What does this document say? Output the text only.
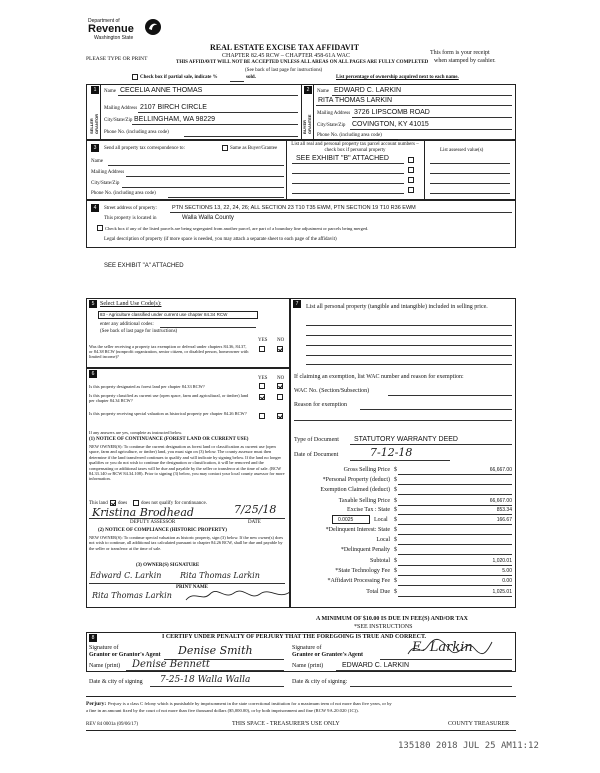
Department of
Revenue
Washington State
REAL ESTATE EXCISE TAX AFFIDAVIT
PLEASE TYPE OR PRINT	CHAPTER 82.45 RCW – CHAPTER 458-61A WAC
THIS AFFIDAVIT WILL NOT BE ACCEPTED UNLESS ALL AREAS ON ALL PAGES ARE FULLY COMPLETED
This form is your receipt
when stamped by cashier.
(See back of last page for instructions)
Check box if partial sale, indicate %	sold.	List percentage of ownership acquired next to each name.
1
SELLER GRANTOR
Name CECELIA ANNE THOMAS
Mailing Address 2107 BIRCH CIRCLE
City/State/Zip BELLINGHAM, WA 98229
Phone No. (including area code)
2
BUYER GRANTEE
Name EDWARD C. LARKIN
RITA THOMAS LARKIN
Mailing Address 3726 LIPSCOMB ROAD
City/State/Zip COVINGTON, KY 41015
Phone No. (including area code)
3	Send all property tax correspondence to:	Same as Buyer/Grantee
Name
Mailing Address
City/State/Zip
Phone No. (including area code)
List all real and personal property tax parcel account numbers – check box if personal property	List assessed value(s)
SEE EXHIBIT "B" ATTACHED
4	Street address of property:	PTN SECTIONS 13, 22, 24, 26; ALL SECTION 23 T10 T35 EWM, PTN SECTION 19 T10 R36 EWM
This property is located in	Walla Walla County
Check box if any of the listed parcels are being segregated from another parcel, are part of a boundary line adjustment or parcels being merged.
Legal description of property (if more space is needed, you may attach a separate sheet to each page of the affidavit)
SEE EXHIBIT "A" ATTACHED
5 Select Land Use Code(s):
83 - Agriculture classified under current use chapter 84.34 RCW
enter any additional codes:
(See back of last page for instructions)
YES NO
Was the seller receiving a property tax exemption or deferral under chapters 84.36, 84.37, or 84.38 RCW (nonprofit organization, senior citizen, or disabled person, homeowner with limited income)?
6
YES NO
Is this property designated as forest land per chapter 84.33 RCW?
Is this property classified as current use (open space, farm and agricultural, or timber) land per chapter 84.34 RCW?
Is this property receiving special valuation as historical property per chapter 84.26 RCW?
If any answers are yes, complete as instructed below.
(1) NOTICE OF CONTINUANCE (FOREST LAND OR CURRENT USE)
NEW OWNER(S): To continue the current designation as forest land or classification as current use (open space, farm and agriculture, or timber) land, you must sign on (3) below. The county assessor must then determine if the land transferred continues to qualify and will indicate by signing below. If the land no longer qualifies or you do not wish to continue the designation or classification, it will be removed and the compensating or additional taxes will be due and payable by the seller or transferor at the time of sale. (RCW 84.33.140 or RCW 84.34.108). Prior to signing (3) below, you may contact your local county assessor for more information.
This land does	does not qualify for continuance.
Kristina Brodhead	7/25/18
DEPUTY ASSESSOR	DATE
(2) NOTICE OF COMPLIANCE (HISTORIC PROPERTY)
NEW OWNER(S): To continue special valuation as historic property, sign (3) below. If the new owner(s) does not wish to continue, all additional tax calculated pursuant to chapter 84.26 RCW, shall be due and payable by the seller or transferor at the time of sale.
(3) OWNER(S) SIGNATURE
Edward C. Larkin Rita Thomas Larkin
PRINT NAME
Rita Thomas Larkin
7	List all personal property (tangible and intangible) included in selling price.
If claiming an exemption, list WAC number and reason for exemption:
WAC No. (Section/Subsection)
Reason for exemption
Type of Document STATUTORY WARRANTY DEED
Date of Document	7-12-18
Gross Selling Price $	66,667.00
*Personal Property (deduct) $
Exemption Claimed (deduct) $
Taxable Selling Price $	66,667.00
Excise Tax : State $	853.34
0.0025	Local $	166.67
*Delinquent Interest: State $
Local $
*Delinquent Penalty $
Subtotal $	1,020.01
*State Technology Fee $	5.00
*Affidavit Processing Fee $	0.00
Total Due $	1,025.01
A MINIMUM OF $10.00 IS DUE IN FEE(S) AND/OR TAX
*SEE INSTRUCTIONS
8	I CERTIFY UNDER PENALTY OF PERJURY THAT THE FOREGOING IS TRUE AND CORRECT.
Signature of
Grantor or Grantor's Agent Denise Smith
Name (print) Denise Bennett
Signature of
Grantee or Grantee's Agent	E. Larkin
Name (print)	EDWARD C. LARKIN
Date & city of signing 7-25-18 Walla Walla	Date & city of signing:
Perjury: Perjury is a class C felony which is punishable by imprisonment in the state correctional institution for a maximum term of not more than five years, or by
a fine in an amount fixed by the court of not more than five thousand dollars ($5,000.00), or by both imprisonment and fine (RCW 9A.20.020 (1C)).
REV 84 0001a (09/06/17)	THIS SPACE - TREASURER'S USE ONLY	COUNTY TREASURER
135180 2018 JUL 25 AM11:12
